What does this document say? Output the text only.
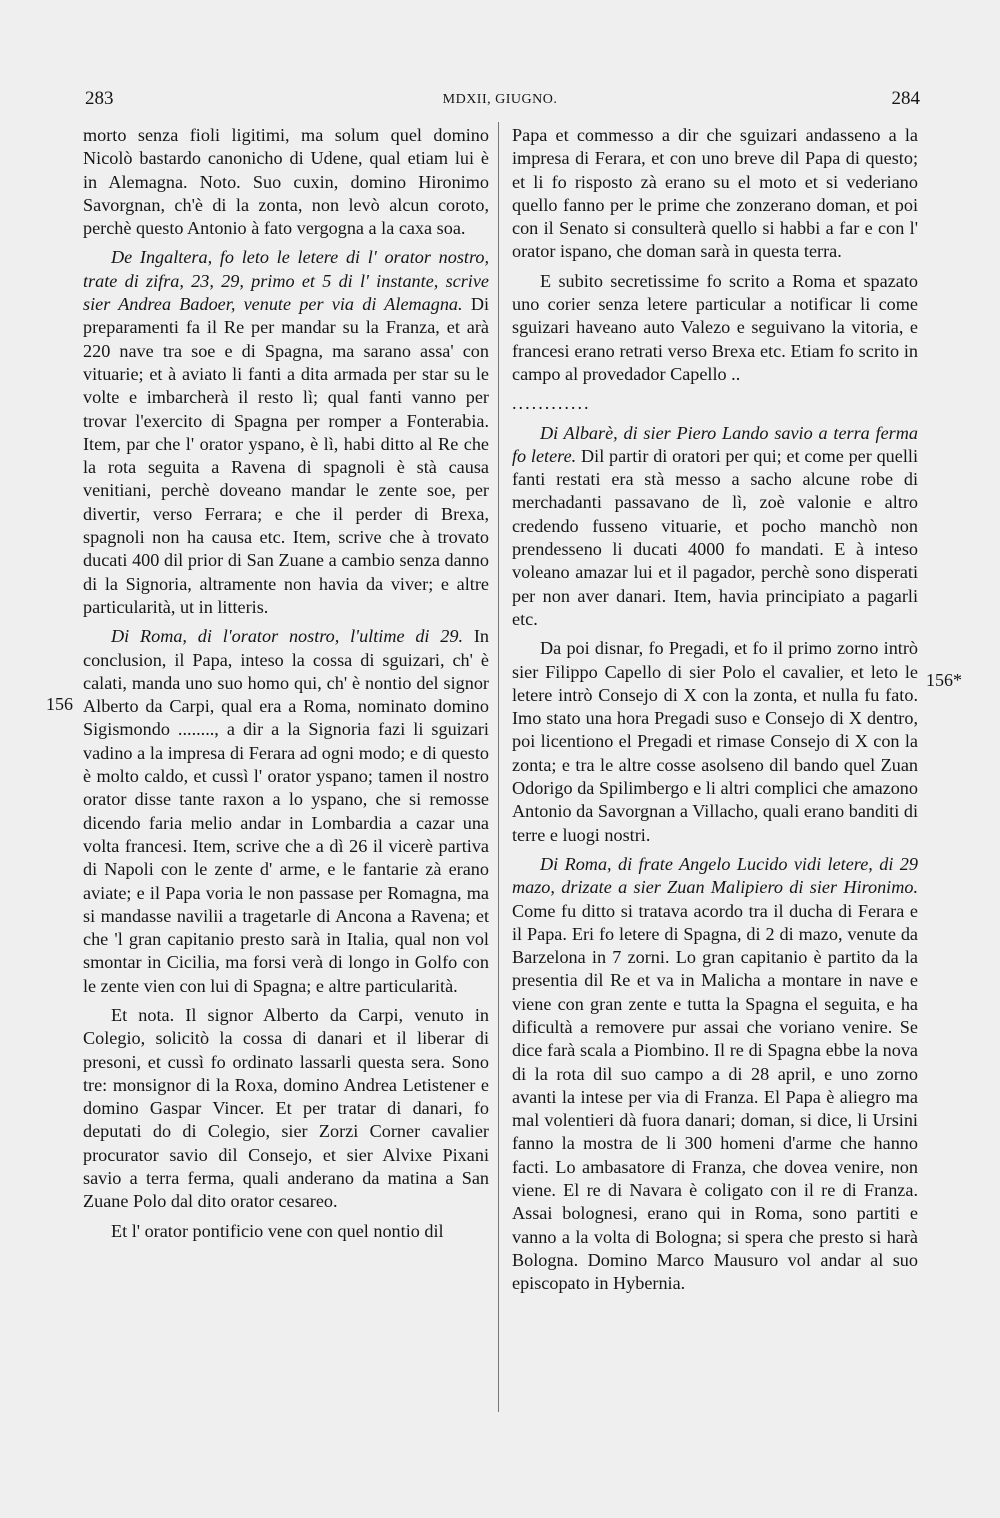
283	MDXII, GIUGNO.	284
156
156*

morto senza fioli ligitimi, ma solum quel domino Nicolò bastardo canonicho di Udene, qual etiam lui è in Alemagna. Noto. Suo cuxin, domino Hironimo Savorgnan, ch'è di la zonta, non levò alcun coroto, perchè questo Antonio à fato vergogna a la caxa soa.

De Ingaltera, fo leto le letere di l' orator nostro, trate di zifra, 23, 29, primo et 5 di l' instante, scrive sier Andrea Badoer, venute per via di Alemagna. Di preparamenti fa il Re per mandar su la Franza, et arà 220 nave tra soe e di Spagna, ma sarano assa' con vituarie; et à aviato li fanti a dita armada per star su le volte e imbarcherà il resto lì; qual fanti vanno per trovar l'exercito di Spagna per romper a Fonterabia. Item, par che l' orator yspano, è lì, habi ditto al Re che la rota seguita a Ravena di spagnoli è stà causa venitiani, perchè doveano mandar le zente soe, per divertir, verso Ferrara; e che il perder di Brexa, spagnoli non ha causa etc. Item, scrive che à trovato ducati 400 dil prior di San Zuane a cambio senza danno di la Signoria, altramente non havia da viver; e altre particularità, ut in litteris.

Di Roma, di l'orator nostro, l'ultime di 29. In conclusion, il Papa, inteso la cossa di sguizari, ch' è calati, manda uno suo homo qui, ch' è nontio del signor Alberto da Carpi, qual era a Roma, nominato domino Sigismondo ........, a dir a la Signoria fazi li sguizari vadino a la impresa di Ferara ad ogni modo; e di questo è molto caldo, et cussì l' orator yspano; tamen il nostro orator disse tante raxon a lo yspano, che si remosse dicendo faria melio andar in Lombardia a cazar una volta francesi. Item, scrive che a dì 26 il vicerè partiva di Napoli con le zente d' arme, e le fantarie zà erano aviate; e il Papa voria le non passase per Romagna, ma si mandasse navilii a tragetarle di Ancona a Ravena; et che 'l gran capitanio presto sarà in Italia, qual non vol smontar in Cicilia, ma forsi verà di longo in Golfo con le zente vien con lui di Spagna; e altre particularità.

Et nota. Il signor Alberto da Carpi, venuto in Colegio, solicitò la cossa di danari et il liberar di presoni, et cussì fo ordinato lassarli questa sera. Sono tre: monsignor di la Roxa, domino Andrea Letistener e domino Gaspar Vincer. Et per tratar di danari, fo deputati do di Colegio, sier Zorzi Corner cavalier procurator savio dil Consejo, et sier Alvixe Pixani savio a terra ferma, quali anderano da matina a San Zuane Polo dal dito orator cesareo.

Et l' orator pontificio vene con quel nontio dil

Papa et commesso a dir che sguizari andasseno a la impresa di Ferara, et con uno breve dil Papa di questo; et li fo risposto zà erano su el moto et si vederiano quello fanno per le prime che zonzerano doman, et poi con il Senato si consulterà quello si habbi a far e con l' orator ispano, che doman sarà in questa terra.

E subito secretissime fo scrito a Roma et spazato uno corier senza letere particular a notificar li come sguizari haveano auto Valezo e seguivano la vitoria, e francesi erano retrati verso Brexa etc. Etiam fo scrito in campo al provedador Capello ..

............

Di Albarè, di sier Piero Lando savio a terra ferma fo letere. Dil partir di oratori per qui; et come per quelli fanti restati era stà messo a sacho alcune robe di merchadanti passavano de lì, zoè valonie e altro credendo fusseno vituarie, et pocho manchò non prendesseno li ducati 4000 fo mandati. E à inteso voleano amazar lui et il pagador, perchè sono disperati per non aver danari. Item, havia principiato a pagarli etc.

Da poi disnar, fo Pregadi, et fo il primo zorno intrò sier Filippo Capello di sier Polo el cavalier, et leto le letere intrò Consejo di X con la zonta, et nulla fu fato. Imo stato una hora Pregadi suso e Consejo di X dentro, poi licentiono el Pregadi et rimase Consejo di X con la zonta; e tra le altre cosse asolseno dil bando quel Zuan Odorigo da Spilimbergo e li altri complici che amazono Antonio da Savorgnan a Villacho, quali erano banditi di terre e luogi nostri.

Di Roma, di frate Angelo Lucido vidi letere, di 29 mazo, drizate a sier Zuan Malipiero di sier Hironimo. Come fu ditto si tratava acordo tra il ducha di Ferara e il Papa. Eri fo letere di Spagna, di 2 di mazo, venute da Barzelona in 7 zorni. Lo gran capitanio è partito da la presentia dil Re et va in Malicha a montare in nave e viene con gran zente e tutta la Spagna el seguita, e ha dificultà a removere pur assai che voriano venire. Se dice farà scala a Piombino. Il re di Spagna ebbe la nova di la rota dil suo campo a di 28 april, e uno zorno avanti la intese per via di Franza. El Papa è aliegro ma mal volentieri dà fuora danari; doman, si dice, li Ursini fanno la mostra de li 300 homeni d'arme che hanno facti. Lo ambasatore di Franza, che dovea venire, non viene. El re di Navara è coligato con il re di Franza. Assai bolognesi, erano qui in Roma, sono partiti e vanno a la volta di Bologna; si spera che presto si harà Bologna. Domino Marco Mausuro vol andar al suo episcopato in Hybernia.
